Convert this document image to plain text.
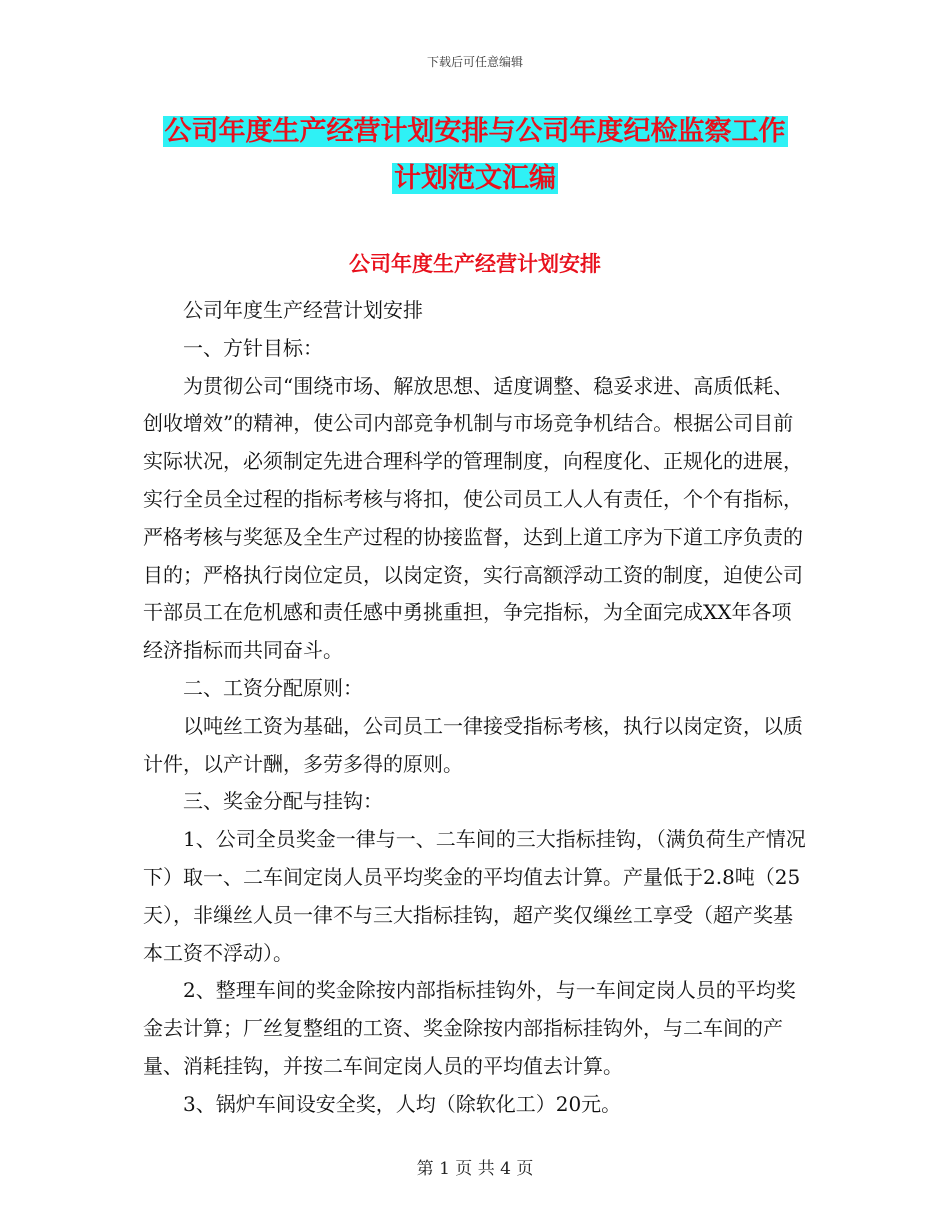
下载后可任意编辑
公司年度生产经营计划安排与公司年度纪检监察工作
计划范文汇编
公司年度生产经营计划安排

公司年度生产经营计划安排

一、方针目标：

为贯彻公司“围绕市场、解放思想、适度调整、稳妥求进、高质低耗、创收增效”的精神，使公司内部竞争机制与市场竞争机结合。根据公司目前实际状况，必须制定先进合理科学的管理制度，向程度化、正规化的进展，实行全员全过程的指标考核与将扣，使公司员工人人有责任，个个有指标，严格考核与奖惩及全生产过程的协接监督，达到上道工序为下道工序负责的目的；严格执行岗位定员，以岗定资，实行高额浮动工资的制度，迫使公司干部员工在危机感和责任感中勇挑重担，争完指标，为全面完成XX年各项经济指标而共同奋斗。

二、工资分配原则：

以吨丝工资为基础，公司员工一律接受指标考核，执行以岗定资，以质计件，以产计酬，多劳多得的原则。

三、奖金分配与挂钩：

1、公司全员奖金一律与一、二车间的三大指标挂钩，（满负荷生产情况下）取一、二车间定岗人员平均奖金的平均值去计算。产量低于2.8吨（25天），非缫丝人员一律不与三大指标挂钩，超产奖仅缫丝工享受（超产奖基本工资不浮动）。

2、整理车间的奖金除按内部指标挂钩外，与一车间定岗人员的平均奖金去计算；厂丝复整组的工资、奖金除按内部指标挂钩外，与二车间的产量、消耗挂钩，并按二车间定岗人员的平均值去计算。

3、锅炉车间设安全奖，人均（除软化工）20元。

第 1 页 共 4 页
